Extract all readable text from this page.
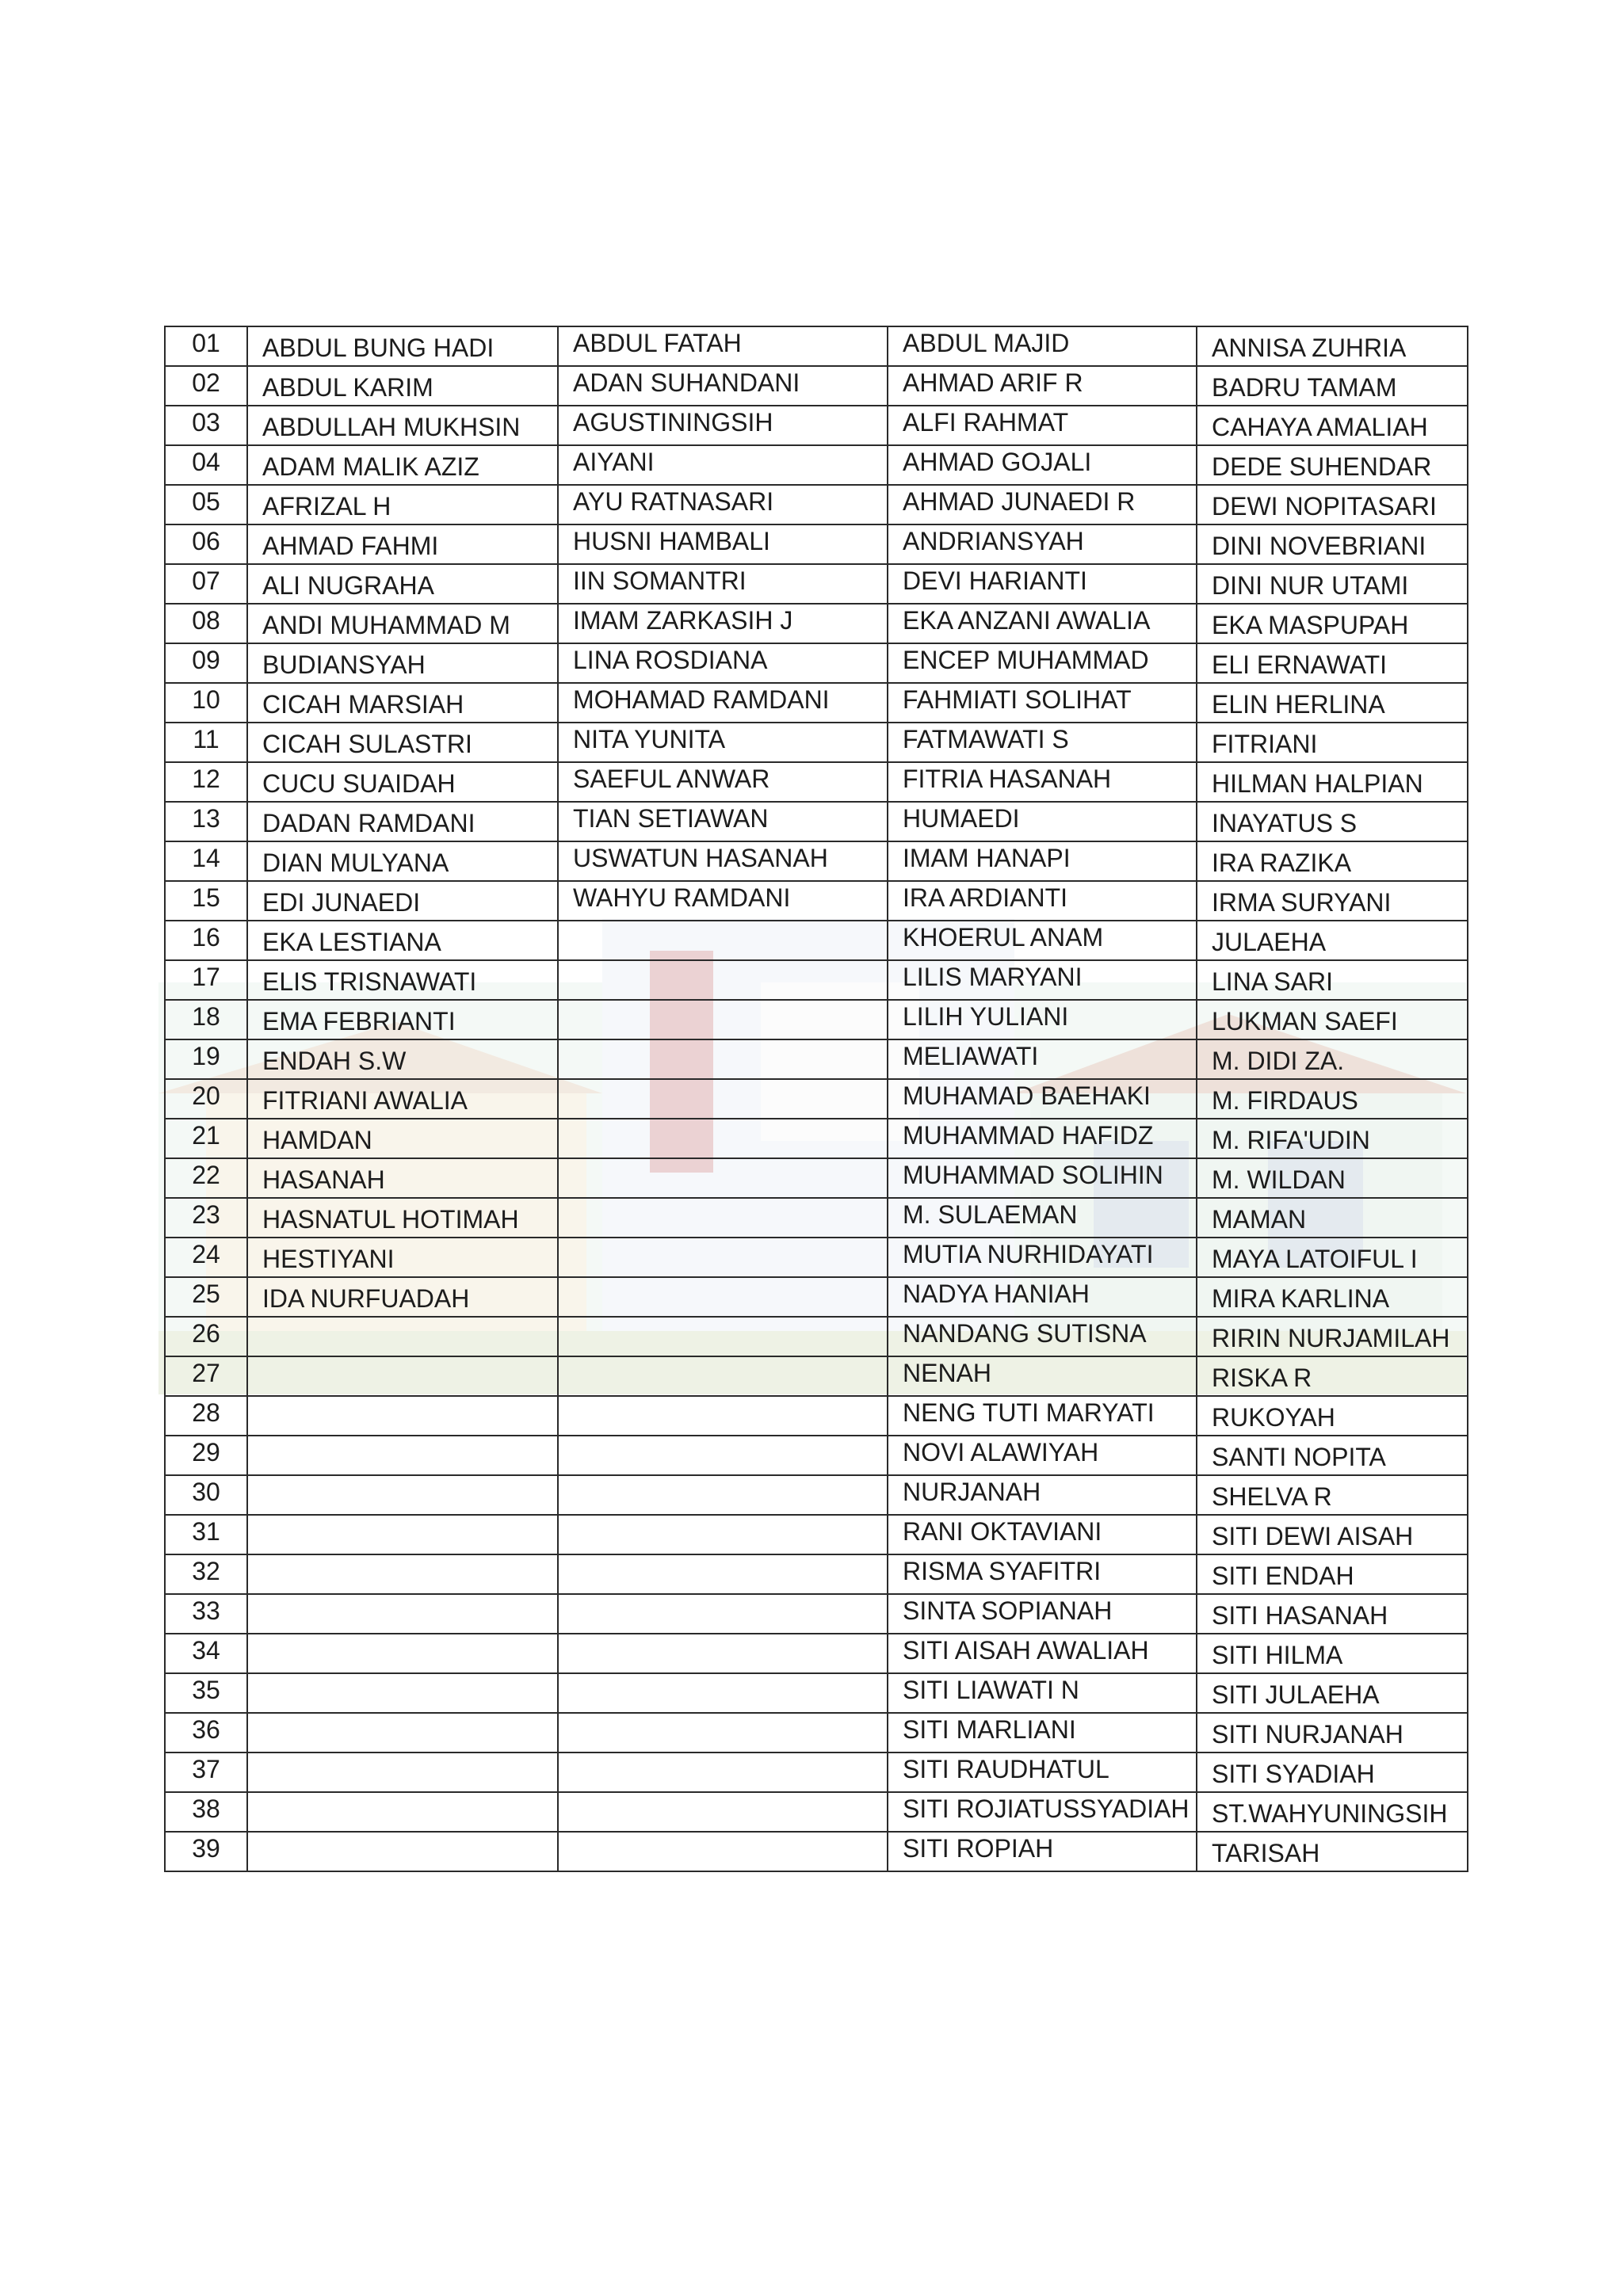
01	ABDUL BUNG HADI	ABDUL FATAH	ABDUL MAJID	ANNISA ZUHRIA
02	ABDUL KARIM	ADAN SUHANDANI	AHMAD ARIF R	BADRU TAMAM
03	ABDULLAH MUKHSIN	AGUSTININGSIH	ALFI RAHMAT	CAHAYA AMALIAH
04	ADAM MALIK AZIZ	AIYANI	AHMAD GOJALI	DEDE SUHENDAR
05	AFRIZAL H	AYU RATNASARI	AHMAD JUNAEDI R	DEWI NOPITASARI
06	AHMAD FAHMI	HUSNI HAMBALI	ANDRIANSYAH	DINI NOVEBRIANI
07	ALI NUGRAHA	IIN SOMANTRI	DEVI HARIANTI	DINI NUR UTAMI
08	ANDI MUHAMMAD M	IMAM ZARKASIH J	EKA ANZANI AWALIA	EKA MASPUPAH
09	BUDIANSYAH	LINA ROSDIANA	ENCEP MUHAMMAD	ELI ERNAWATI
10	CICAH MARSIAH	MOHAMAD RAMDANI	FAHMIATI SOLIHAT	ELIN HERLINA
11	CICAH SULASTRI	NITA YUNITA	FATMAWATI S	FITRIANI
12	CUCU SUAIDAH	SAEFUL ANWAR	FITRIA HASANAH	HILMAN HALPIAN
13	DADAN RAMDANI	TIAN SETIAWAN	HUMAEDI	INAYATUS S
14	DIAN MULYANA	USWATUN HASANAH	IMAM HANAPI	IRA RAZIKA
15	EDI JUNAEDI	WAHYU RAMDANI	IRA ARDIANTI	IRMA SURYANI
16	EKA LESTIANA		KHOERUL ANAM	JULAEHA
17	ELIS TRISNAWATI		LILIS MARYANI	LINA SARI
18	EMA FEBRIANTI		LILIH YULIANI	LUKMAN SAEFI
19	ENDAH S.W		MELIAWATI	M. DIDI ZA.
20	FITRIANI AWALIA		MUHAMAD BAEHAKI	M. FIRDAUS
21	HAMDAN		MUHAMMAD HAFIDZ	M. RIFA'UDIN
22	HASANAH		MUHAMMAD SOLIHIN	M. WILDAN
23	HASNATUL HOTIMAH		M. SULAEMAN	MAMAN
24	HESTIYANI		MUTIA NURHIDAYATI	MAYA LATOIFUL I
25	IDA NURFUADAH		NADYA HANIAH	MIRA KARLINA
26			NANDANG SUTISNA	RIRIN NURJAMILAH
27			NENAH	RISKA R
28			NENG TUTI MARYATI	RUKOYAH
29			NOVI ALAWIYAH	SANTI NOPITA
30			NURJANAH	SHELVA R
31			RANI OKTAVIANI	SITI DEWI AISAH
32			RISMA SYAFITRI	SITI ENDAH
33			SINTA SOPIANAH	SITI HASANAH
34			SITI AISAH AWALIAH	SITI HILMA
35			SITI LIAWATI N	SITI JULAEHA
36			SITI MARLIANI	SITI NURJANAH
37			SITI RAUDHATUL	SITI SYADIAH
38			SITI ROJIATUSSYADIAH	ST.WAHYUNINGSIH
39			SITI ROPIAH	TARISAH
